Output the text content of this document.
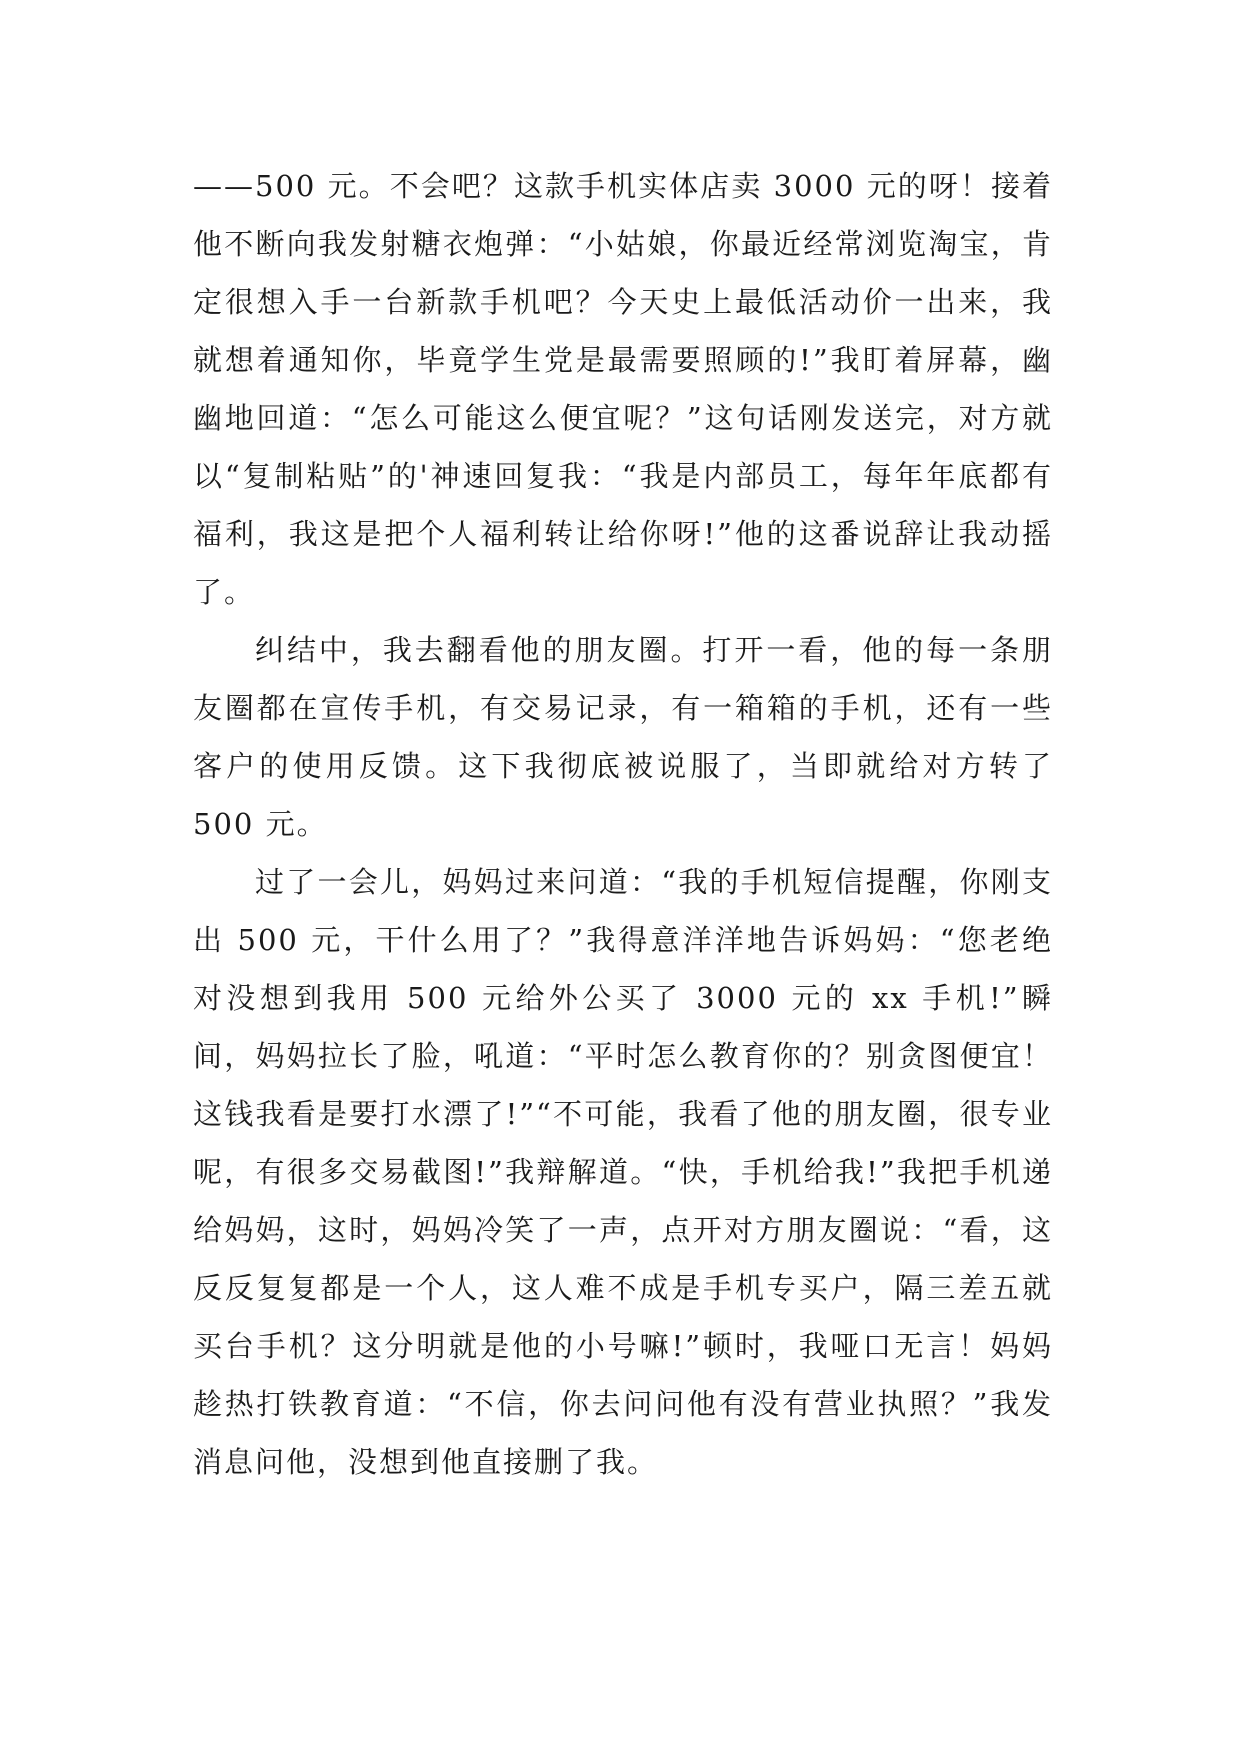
——500 元。不会吧？这款手机实体店卖 3000 元的呀！接着他不断向我发射糖衣炮弹：“小姑娘，你最近经常浏览淘宝，肯定很想入手一台新款手机吧？今天史上最低活动价一出来，我就想着通知你，毕竟学生党是最需要照顾的!”我盯着屏幕，幽幽地回道：“怎么可能这么便宜呢？”这句话刚发送完，对方就以“复制粘贴”的'神速回复我：“我是内部员工，每年年底都有福利，我这是把个人福利转让给你呀!”他的这番说辞让我动摇了。

纠结中，我去翻看他的朋友圈。打开一看，他的每一条朋友圈都在宣传手机，有交易记录，有一箱箱的手机，还有一些客户的使用反馈。这下我彻底被说服了，当即就给对方转了 500 元。

过了一会儿，妈妈过来问道：“我的手机短信提醒，你刚支出 500 元，干什么用了？”我得意洋洋地告诉妈妈：“您老绝对没想到我用 500 元给外公买了 3000 元的 xx 手机!”瞬间，妈妈拉长了脸，吼道：“平时怎么教育你的？别贪图便宜！这钱我看是要打水漂了!”“不可能，我看了他的朋友圈，很专业呢，有很多交易截图!”我辩解道。“快，手机给我!”我把手机递给妈妈，这时，妈妈冷笑了一声，点开对方朋友圈说：“看，这反反复复都是一个人，这人难不成是手机专买户，隔三差五就买台手机？这分明就是他的小号嘛!”顿时，我哑口无言！妈妈趁热打铁教育道：“不信，你去问问他有没有营业执照？”我发消息问他，没想到他直接删了我。
